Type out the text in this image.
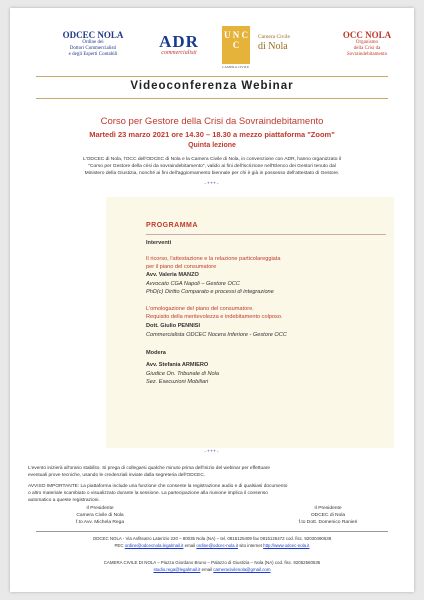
ODCEC NOLA
Ordine dei
Dottori Commercialisti
e degli Esperti Contabili
ADR
commercialisti
U N C C
CAMERA CIVILE
Camera Civile
di Nola
OCC NOLA
Organismo
della Crisi da
Sovraindebitamento
Videoconferenza Webinar
Corso per Gestore della Crisi da Sovraindebitamento
Martedì 23 marzo 2021 ore 14.30 – 18.30 a mezzo piattaforma "Zoom"
Quinta lezione
L'ODCEC di Nola, l'OCC dell'ODCEC di Nola e la Camera Civile di Nola, in convenzione con ADR, hanno organizzato il
"Corso per Gestore della crisi da sovraindebitamento", valido ai fini dell'iscrizione nell'Elenco dei Gestori tenuto dal
Ministero della Giustizia, nonché ai fini dell'aggiornamento biennale per chi è già in possesso dell'attestato di Gestore.
-•••-
PROGRAMMA
Interventi
Il ricorso, l'attestazione e la relazione particolareggiata
per il piano del consumatore
Avv. Valeria MANZO
Avvocato CGA Napoli – Gestore OCC
PhD(c) Diritto Comparato e processi di integrazione
L'omologazione del piano del consumatore.
Requisito della meritevolezza e indebitamento colposo.
Dott. Giulio PENNISI
Commercialista ODCEC Nocera Inferiore - Gestore OCC
Modera
Avv. Stefania ARMIERO
Giudice On. Tribunale di Nola
Sez. Esecuzioni Mobiliari
-•••-
L'evento inizierà all'orario stabilito. Si prega di collegarsi qualche minuto prima dell'inizio del webinar per effettuare
eventuali prove tecniche, usando le credenziali inviate dalla segreteria dell'ODCEC.
AVVISO IMPORTANTE: La piattaforma include una funzione che consente la registrazione audio e di qualsiasi documento
o altro materiale scambiato o visualizzato durante la sessione. La partecipazione alla riunione implica il consenso
automatico a queste registrazioni.
Il Presidente
Camera Civile di Nola
f.to Avv. Michela Rega
Il Presidente
ODCEC di Nola
f.to Dott. Domenico Ranieri
ODCEC NOLA - Via Anfiteatro Laterizio 220 – 80035 Nola (NA) – tel. 0815125409 fax 0815126472 cod. fisc. 92030490638
PEC ordine@odcecnola.legalmail.it email ordine@odcec-nola.it sito internet http://www.odcec-nola.it
CAMERA CIVILE DI NOLA – Piazza Giordano Bruno – Palazzo di Giustizia – Nola (NA) cod. fisc. 92052560635
studio.rega@legalmail.it email cameracivilenola@gmail.com
